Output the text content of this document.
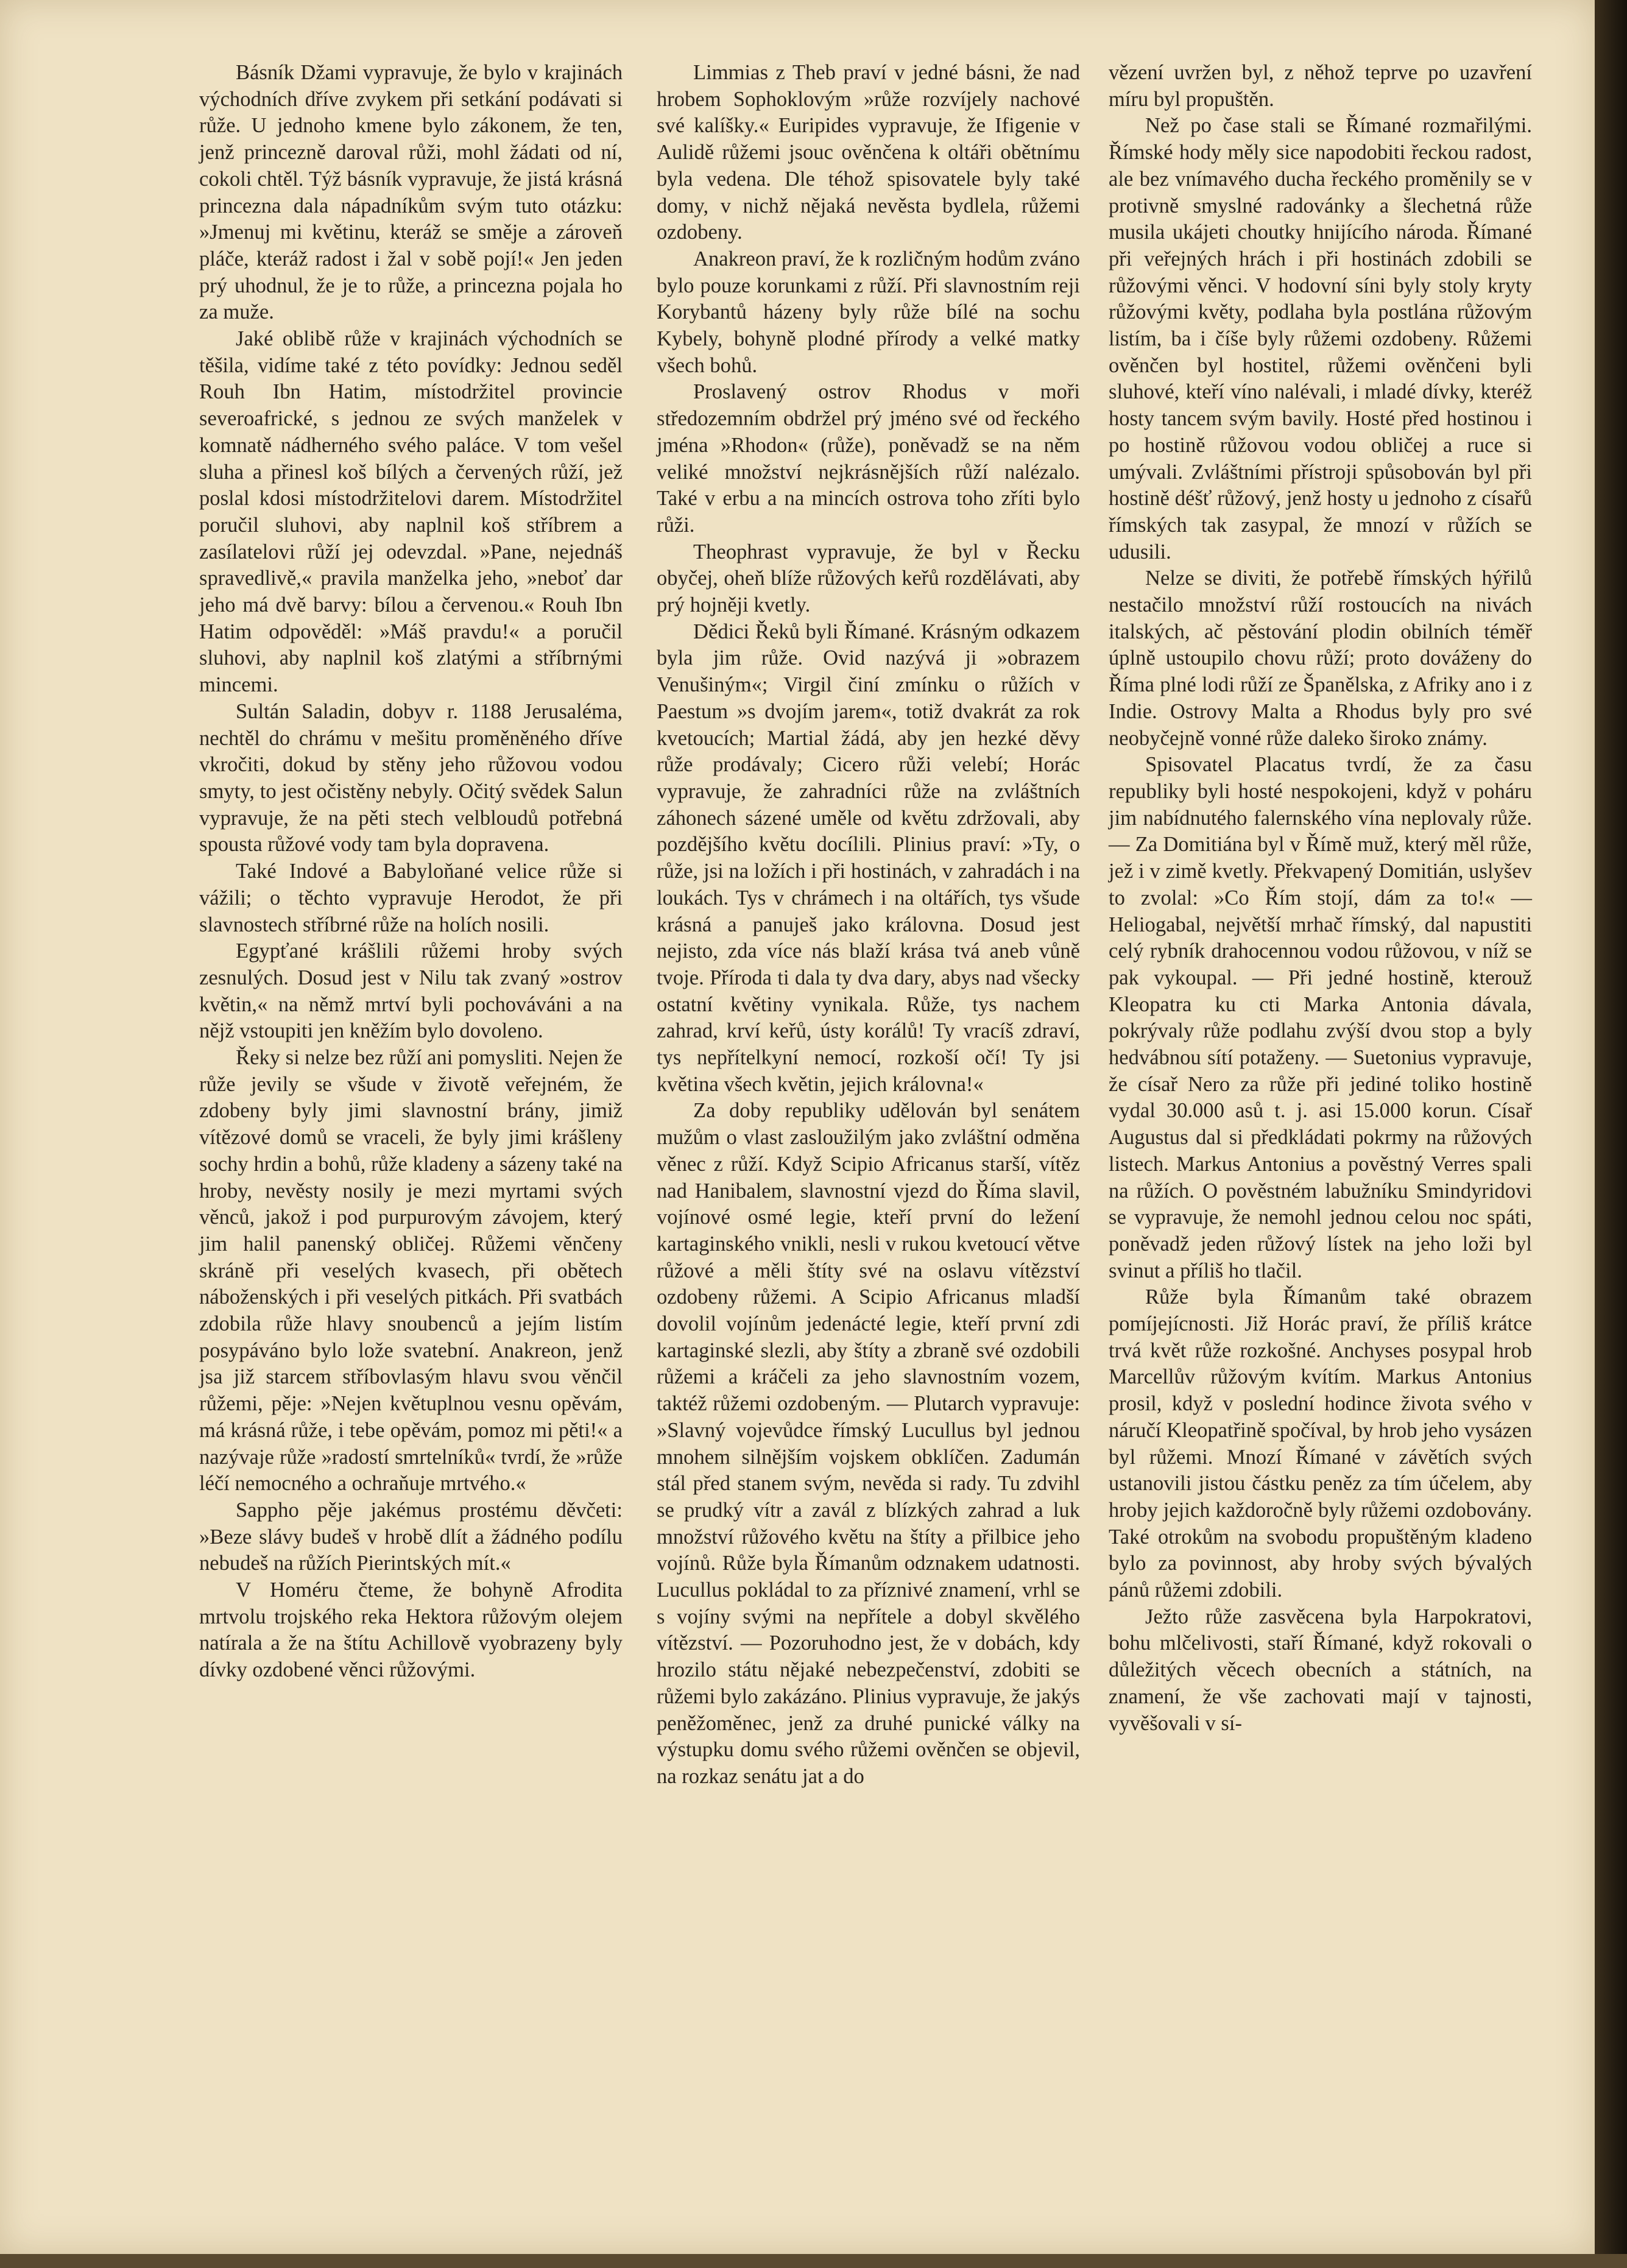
Básník Džami vypravuje, že bylo v krajinách východních dříve zvykem při setkání podávati si růže. U jednoho kmene bylo zákonem, že ten, jenž princezně daroval růži, mohl žádati od ní, cokoli chtěl. Týž básník vypravuje, že jistá krásná princezna dala nápadníkům svým tuto otázku: »Jmenuj mi květinu, kteráž se směje a zároveň pláče, kteráž radost i žal v sobě pojí!« Jen jeden prý uhodnul, že je to růže, a princezna pojala ho za muže.

Jaké oblibě růže v krajinách východních se těšila, vidíme také z této povídky: Jednou seděl Rouh Ibn Hatim, místodržitel provincie severoafrické, s jednou ze svých manželek v komnatě nádherného svého paláce. V tom vešel sluha a přinesl koš bílých a červených růží, jež poslal kdosi místodržitelovi darem. Místodržitel poručil sluhovi, aby naplnil koš stříbrem a zasílatelovi růží jej odevzdal. »Pane, nejednáš spravedlivě,« pravila manželka jeho, »neboť dar jeho má dvě barvy: bílou a červenou.« Rouh Ibn Hatim odpověděl: »Máš pravdu!« a poručil sluhovi, aby naplnil koš zlatými a stříbrnými mincemi.

Sultán Saladin, dobyv r. 1188 Jerusaléma, nechtěl do chrámu v mešitu proměněného dříve vkročiti, dokud by stěny jeho růžovou vodou smyty, to jest očistěny nebyly. Očitý svědek Salun vypravuje, že na pěti stech velbloudů potřebná spousta růžové vody tam byla dopravena.

Také Indové a Babyloňané velice růže si vážili; o těchto vypravuje Herodot, že při slavnostech stříbrné růže na holích nosili.

Egypťané krášlili růžemi hroby svých zesnulých. Dosud jest v Nilu tak zvaný »ostrov květin,« na němž mrtví byli pochováváni a na nějž vstoupiti jen kněžím bylo dovoleno.

Řeky si nelze bez růží ani pomysliti. Nejen že růže jevily se všude v životě veřejném, že zdobeny byly jimi slavnostní brány, jimiž vítězové domů se vraceli, že byly jimi krášleny sochy hrdin a bohů, růže kladeny a sázeny také na hroby, nevěsty nosily je mezi myrtami svých věnců, jakož i pod purpurovým závojem, který jim halil panenský obličej. Růžemi věnčeny skráně při veselých kvasech, při obětech náboženských i při veselých pitkách. Při svatbách zdobila růže hlavy snoubenců a jejím listím posypáváno bylo lože svatební. Anakreon, jenž jsa již starcem stříbovlasým hlavu svou věnčil růžemi, pěje: »Nejen květuplnou vesnu opěvám, má krásná růže, i tebe opěvám, pomoz mi pěti!« a nazývaje růže »radostí smrtelníků« tvrdí, že »růže léčí nemocného a ochraňuje mrtvého.«

Sappho pěje jakémus prostému děvčeti: »Beze slávy budeš v hrobě dlít a žádného podílu nebudeš na růžích Pierintských mít.«

V Homéru čteme, že bohyně Afrodita mrtvolu trojského reka Hektora růžovým olejem natírala a že na štítu Achillově vyobrazeny byly dívky ozdobené věnci růžovými.

Limmias z Theb praví v jedné básni, že nad hrobem Sophoklovým »růže rozvíjely nachové své kalíšky.« Euripides vypravuje, že Ifigenie v Aulidě růžemi jsouc ověnčena k oltáři obětnímu byla vedena. Dle téhož spisovatele byly také domy, v nichž nějaká nevěsta bydlela, růžemi ozdobeny.

Anakreon praví, že k rozličným hodům zváno bylo pouze korunkami z růží. Při slavnostním reji Korybantů házeny byly růže bílé na sochu Kybely, bohyně plodné přírody a velké matky všech bohů.

Proslavený ostrov Rhodus v moři středozemním obdržel prý jméno své od řeckého jména »Rhodon« (růže), poněvadž se na něm veliké množství nejkrásnějších růží nalézalo. Také v erbu a na mincích ostrova toho zříti bylo růži.

Theophrast vypravuje, že byl v Řecku obyčej, oheň blíže růžových keřů rozdělávati, aby prý hojněji kvetly.

Dědici Řeků byli Římané. Krásným odkazem byla jim růže. Ovid nazývá ji »obrazem Venušiným«; Virgil činí zmínku o růžích v Paestum »s dvojím jarem«, totiž dvakrát za rok kvetoucích; Martial žádá, aby jen hezké děvy růže prodávaly; Cicero růži velebí; Horác vypravuje, že zahradníci růže na zvláštních záhonech sázené uměle od květu zdržovali, aby pozdějšího květu docílili. Plinius praví: »Ty, o růže, jsi na ložích i při hostinách, v zahradách i na loukách. Tys v chrámech i na oltářích, tys všude krásná a panuješ jako královna. Dosud jest nejisto, zda více nás blaží krása tvá aneb vůně tvoje. Příroda ti dala ty dva dary, abys nad všecky ostatní květiny vynikala. Růže, tys nachem zahrad, krví keřů, ústy korálů! Ty vracíš zdraví, tys nepřítelkyní nemocí, rozkoší očí! Ty jsi květina všech květin, jejich královna!«

Za doby republiky udělován byl senátem mužům o vlast zasloužilým jako zvláštní odměna věnec z růží. Když Scipio Africanus starší, vítěz nad Hanibalem, slavnostní vjezd do Říma slavil, vojínové osmé legie, kteří první do ležení kartaginského vnikli, nesli v rukou kvetoucí větve růžové a měli štíty své na oslavu vítězství ozdobeny růžemi. A Scipio Africanus mladší dovolil vojínům jedenácté legie, kteří první zdi kartaginské slezli, aby štíty a zbraně své ozdobili růžemi a kráčeli za jeho slavnostním vozem, taktéž růžemi ozdobeným. — Plutarch vypravuje: »Slavný vojevůdce římský Lucullus byl jednou mnohem silnějším vojskem obklíčen. Zadumán stál před stanem svým, nevěda si rady. Tu zdvihl se prudký vítr a zavál z blízkých zahrad a luk množství růžového květu na štíty a přilbice jeho vojínů. Růže byla Římanům odznakem udatnosti. Lucullus pokládal to za příznivé znamení, vrhl se s vojíny svými na nepřítele a dobyl skvělého vítězství. — Pozoruhodno jest, že v dobách, kdy hrozilo státu nějaké nebezpečenství, zdobiti se růžemi bylo zakázáno. Plinius vypravuje, že jakýs peněžoměnec, jenž za druhé punické války na výstupku domu svého růžemi ověnčen se objevil, na rozkaz senátu jat a do

vězení uvržen byl, z něhož teprve po uzavření míru byl propuštěn.

Než po čase stali se Římané rozmařilými. Římské hody měly sice napodobiti řeckou radost, ale bez vnímavého ducha řeckého proměnily se v protivně smyslné radovánky a šlechetná růže musila ukájeti choutky hnijícího národa. Římané při veřejných hrách i při hostinách zdobili se růžovými věnci. V hodovní síni byly stoly kryty růžovými květy, podlaha byla postlána růžovým listím, ba i číše byly růžemi ozdobeny. Růžemi ověnčen byl hostitel, růžemi ověnčeni byli sluhové, kteří víno nalévali, i mladé dívky, kteréž hosty tancem svým bavily. Hosté před hostinou i po hostině růžovou vodou obličej a ruce si umývali. Zvláštními přístroji spůsobován byl při hostině déšť růžový, jenž hosty u jednoho z císařů římských tak zasypal, že mnozí v růžích se udusili.

Nelze se diviti, že potřebě římských hýřilů nestačilo množství růží rostoucích na nivách italských, ač pěstování plodin obilních téměř úplně ustoupilo chovu růží; proto dováženy do Říma plné lodi růží ze Španělska, z Afriky ano i z Indie. Ostrovy Malta a Rhodus byly pro své neobyčejně vonné růže daleko široko známy.

Spisovatel Placatus tvrdí, že za času republiky byli hosté nespokojeni, když v poháru jim nabídnutého falernského vína neplovaly růže. — Za Domitiána byl v Římě muž, který měl růže, jež i v zimě kvetly. Překvapený Domitián, uslyšev to zvolal: »Co Řím stojí, dám za to!« — Heliogabal, největší mrhač římský, dal napustiti celý rybník drahocennou vodou růžovou, v níž se pak vykoupal. — Při jedné hostině, kterouž Kleopatra ku cti Marka Antonia dávala, pokrývaly růže podlahu zvýší dvou stop a byly hedvábnou sítí potaženy. — Suetonius vypravuje, že císař Nero za růže při jediné toliko hostině vydal 30.000 asů t. j. asi 15.000 korun. Císař Augustus dal si předkládati pokrmy na růžových listech. Markus Antonius a pověstný Verres spali na růžích. O pověstném labužníku Smindyridovi se vypravuje, že nemohl jednou celou noc spáti, poněvadž jeden růžový lístek na jeho loži byl svinut a příliš ho tlačil.

Růže byla Římanům také obrazem pomíjejícnosti. Již Horác praví, že příliš krátce trvá květ růže rozkošné. Anchyses posypal hrob Marcellův růžovým kvítím. Markus Antonius prosil, když v poslední hodince života svého v náručí Kleopatřině spočíval, by hrob jeho vysázen byl růžemi. Mnozí Římané v závětích svých ustanovili jistou částku peněz za tím účelem, aby hroby jejich každoročně byly růžemi ozdobovány. Také otrokům na svobodu propuštěným kladeno bylo za povinnost, aby hroby svých bývalých pánů růžemi zdobili.

Ježto růže zasvěcena byla Harpokratovi, bohu mlčelivosti, staří Římané, když rokovali o důležitých věcech obecních a státních, na znamení, že vše zachovati mají v tajnosti, vyvěšovali v sí-
